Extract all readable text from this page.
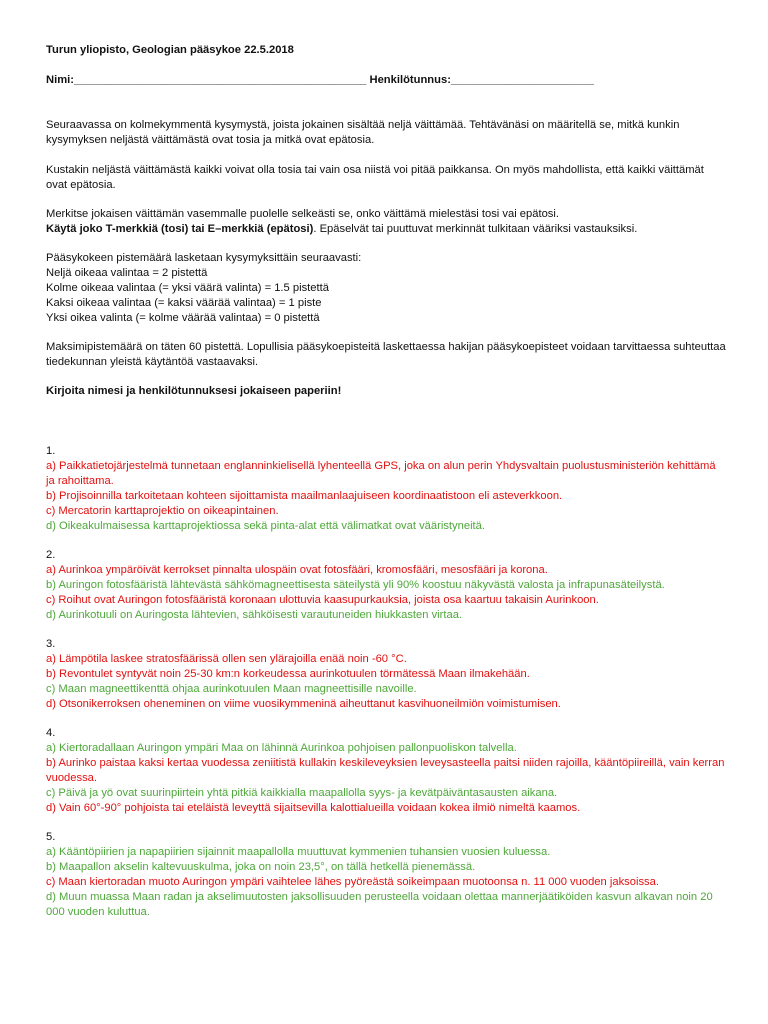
Turun yliopisto, Geologian pääsykoe 22.5.2018
Nimi:_______________________________________________ Henkilötunnus:_______________________

Seuraavassa on kolmekymmentä kysymystä, joista jokainen sisältää neljä väittämää. Tehtävänäsi on määritellä se, mitkä kunkin kysymyksen neljästä väittämästä ovat tosia ja mitkä ovat epätosia.

Kustakin neljästä väittämästä kaikki voivat olla tosia tai vain osa niistä voi pitää paikkansa. On myös mahdollista, että kaikki väittämät ovat epätosia.

Merkitse jokaisen väittämän vasemmalle puolelle selkeästi se, onko väittämä mielestäsi tosi vai epätosi.
Käytä joko T-merkkiä (tosi) tai E–merkkiä (epätosi). Epäselvät tai puuttuvat merkinnät tulkitaan vääriksi vastauksiksi.
Pääsykokeen pistemäärä lasketaan kysymyksittäin seuraavasti:
Neljä oikeaa valintaa = 2 pistettä
Kolme oikeaa valintaa (= yksi väärä valinta) = 1.5 pistettä
Kaksi oikeaa valintaa (= kaksi väärää valintaa) = 1 piste
Yksi oikea valinta (= kolme väärää valintaa) = 0 pistettä

Maksimipistemäärä on täten 60 pistettä. Lopullisia pääsykoepisteitä laskettaessa hakijan pääsykoepisteet voidaan tarvittaessa suhteuttaa tiedekunnan yleistä käytäntöä vastaavaksi.

Kirjoita nimesi ja henkilötunnuksesi jokaiseen paperiin!
1.
a) Paikkatietojärjestelmä tunnetaan englanninkielisellä lyhenteellä GPS, joka on alun perin Yhdysvaltain puolustusministeriön kehittämä ja rahoittama.
b) Projisoinnilla tarkoitetaan kohteen sijoittamista maailmanlaajuiseen koordinaatistoon eli asteverkkoon.
c) Mercatorin karttaprojektio on oikeapintainen.
d) Oikeakulmaisessa karttaprojektiossa sekä pinta-alat että välimatkat ovat vääristyneitä.
2.
a) Aurinkoa ympäröivät kerrokset pinnalta ulospäin ovat fotosfääri, kromosfääri, mesosfääri ja korona.
b) Auringon fotosfääristä lähtevästä sähkömagneettisesta säteilystä yli 90% koostuu näkyvästä valosta ja infrapunasäteilystä.
c) Roihut ovat Auringon fotosfääristä koronaan ulottuvia kaasupurkauksia, joista osa kaartuu takaisin Aurinkoon.
d) Aurinkotuuli on Auringosta lähtevien, sähköisesti varautuneiden hiukkasten virtaa.
3.
a) Lämpötila laskee stratosfäärissä ollen sen ylärajoilla enää noin -60 °C.
b) Revontulet syntyvät noin 25-30 km:n korkeudessa aurinkotuulen törmätessä Maan ilmakehään.
c) Maan magneettikenttä ohjaa aurinkotuulen Maan magneettisille navoille.
d) Otsonikerroksen oheneminen on viime vuosikymmeninä aiheuttanut kasvihuoneilmiön voimistumisen.
4.
a) Kiertoradallaan Auringon ympäri Maa on lähinnä Aurinkoa pohjoisen pallonpuoliskon talvella.
b) Aurinko paistaa kaksi kertaa vuodessa zeniitistä kullakin keskileveyksien leveysasteella paitsi niiden rajoilla, kääntöpiireillä, vain kerran vuodessa.
c) Päivä ja yö ovat suurinpiirtein yhtä pitkiä kaikkialla maapallolla syys- ja kevätpäiväntasausten aikana.
d) Vain 60°-90° pohjoista tai eteläistä leveyttä sijaitsevilla kalottialueilla voidaan kokea ilmiö nimeltä kaamos.
5.
a) Kääntöpiirien ja napapiirien sijainnit maapallolla muuttuvat kymmenien tuhansien vuosien kuluessa.
b) Maapallon akselin kaltevuuskulma, joka on noin 23,5°, on tällä hetkellä pienemässä.
c) Maan kiertoradan muoto Auringon ympäri vaihtelee lähes pyöreästä soikeimpaan muotoonsa n. 11 000 vuoden jaksoissa.
d) Muun muassa Maan radan ja akselimuutosten jaksollisuuden perusteella voidaan olettaa mannerjäätiköiden kasvun alkavan noin 20 000 vuoden kuluttua.
